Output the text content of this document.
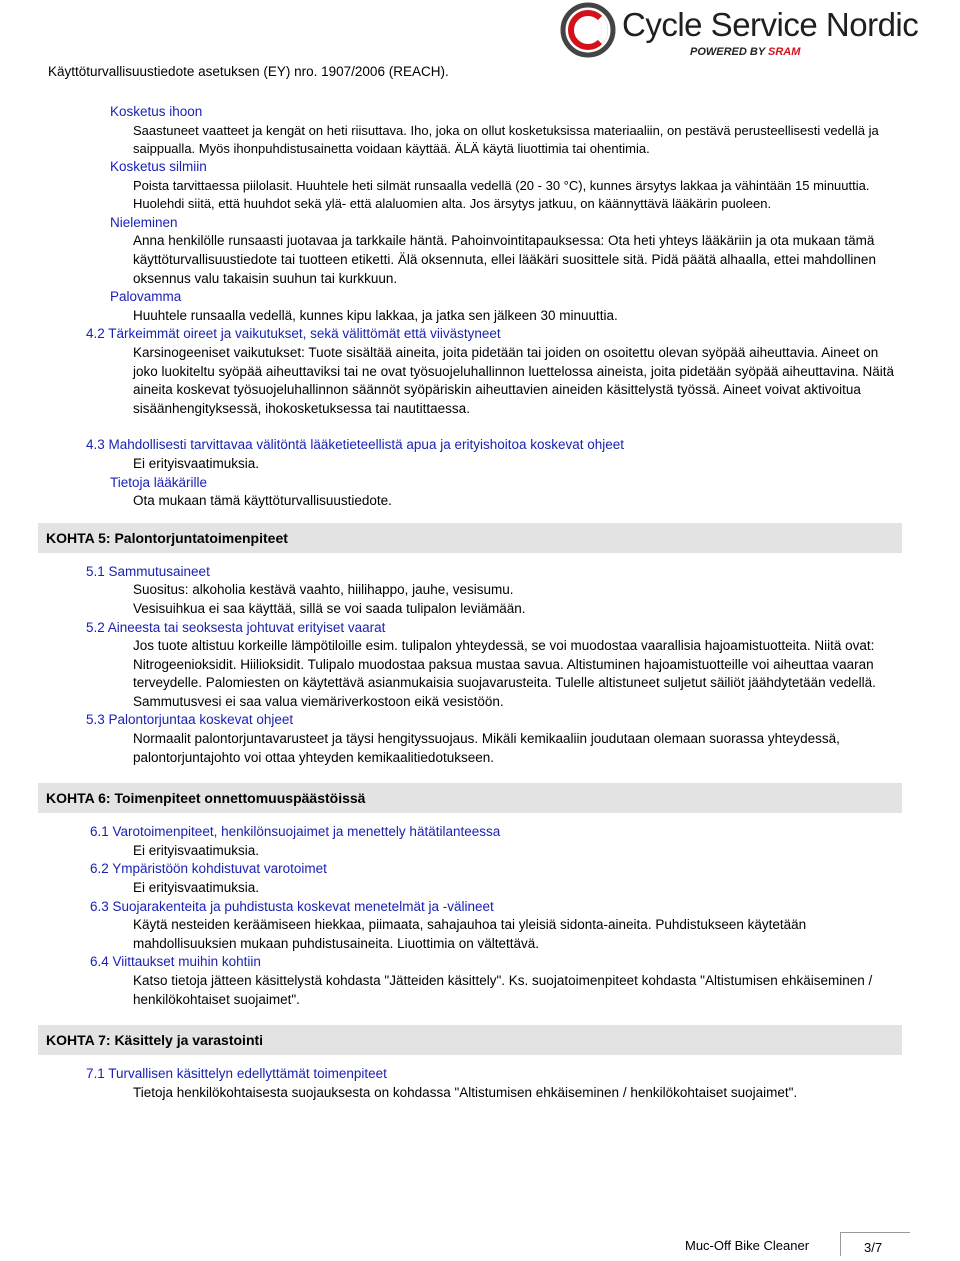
Käyttöturvallisuustiedote asetuksen (EY) nro. 1907/2006 (REACH).
Cycle Service Nordic
POWERED BY SRAM
Kosketus ihoon
Saastuneet vaatteet ja kengät on heti riisuttava. Iho, joka on ollut kosketuksissa materiaaliin, on pestävä perusteellisesti vedellä ja saippualla. Myös ihonpuhdistusainetta voidaan käyttää. ÄLÄ käytä liuottimia tai ohentimia.
Kosketus silmiin
Poista tarvittaessa piilolasit. Huuhtele heti silmät runsaalla vedellä (20 - 30 °C), kunnes ärsytys lakkaa ja vähintään 15 minuuttia. Huolehdi siitä, että huuhdot sekä ylä- että alaluomien alta. Jos ärsytys jatkuu, on käännyttävä lääkärin puoleen.
Nieleminen
Anna henkilölle runsaasti juotavaa ja tarkkaile häntä. Pahoinvointitapauksessa: Ota heti yhteys lääkäriin ja ota mukaan tämä käyttöturvallisuustiedote tai tuotteen etiketti. Älä oksennuta, ellei lääkäri suosittele sitä. Pidä päätä alhaalla, ettei mahdollinen oksennus valu takaisin suuhun tai kurkkuun.
Palovamma
Huuhtele runsaalla vedellä, kunnes kipu lakkaa, ja jatka sen jälkeen 30 minuuttia.
4.2 Tärkeimmät oireet ja vaikutukset, sekä välittömät että viivästyneet
Karsinogeeniset vaikutukset: Tuote sisältää aineita, joita pidetään tai joiden on osoitettu olevan syöpää aiheuttavia. Aineet on joko luokiteltu syöpää aiheuttaviksi tai ne ovat työsuojeluhallinnon luettelossa aineista, joita pidetään syöpää aiheuttavina. Näitä aineita koskevat työsuojeluhallinnon säännöt syöpäriskin aiheuttavien aineiden käsittelystä työssä. Aineet voivat aktivoitua sisäänhengityksessä, ihokosketuksessa tai nautittaessa.
4.3 Mahdollisesti tarvittavaa välitöntä lääketieteellistä apua ja erityishoitoa koskevat ohjeet
Ei erityisvaatimuksia.
Tietoja lääkärille
Ota mukaan tämä käyttöturvallisuustiedote.
KOHTA 5: Palontorjuntatoimenpiteet
5.1 Sammutusaineet
Suositus: alkoholia kestävä vaahto, hiilihappo, jauhe, vesisumu.
Vesisuihkua ei saa käyttää, sillä se voi saada tulipalon leviämään.
5.2 Aineesta tai seoksesta johtuvat erityiset vaarat
Jos tuote altistuu korkeille lämpötiloille esim. tulipalon yhteydessä, se voi muodostaa vaarallisia hajoamistuotteita. Niitä ovat: Nitrogeenioksidit. Hiilioksidit. Tulipalo muodostaa paksua mustaa savua. Altistuminen hajoamistuotteille voi aiheuttaa vaaran terveydelle. Palomiesten on käytettävä asianmukaisia suojavarusteita. Tulelle altistuneet suljetut säiliöt jäähdytetään vedellä. Sammutusvesi ei saa valua viemäriverkostoon eikä vesistöön.
5.3 Palontorjuntaa koskevat ohjeet
Normaalit palontorjuntavarusteet ja täysi hengityssuojaus. Mikäli kemikaaliin joudutaan olemaan suorassa yhteydessä, palontorjuntajohto voi ottaa yhteyden kemikaalitiedotukseen.
KOHTA 6: Toimenpiteet onnettomuuspäästöissä
6.1 Varotoimenpiteet, henkilönsuojaimet ja menettely hätätilanteessa
Ei erityisvaatimuksia.
6.2 Ympäristöön kohdistuvat varotoimet
Ei erityisvaatimuksia.
6.3 Suojarakenteita ja puhdistusta koskevat menetelmät ja -välineet
Käytä nesteiden keräämiseen hiekkaa, piimaata, sahajauhoa tai yleisiä sidonta-aineita. Puhdistukseen käytetään mahdollisuuksien mukaan puhdistusaineita. Liuottimia on vältettävä.
6.4 Viittaukset muihin kohtiin
Katso tietoja jätteen käsittelystä kohdasta "Jätteiden käsittely". Ks. suojatoimenpiteet kohdasta "Altistumisen ehkäiseminen / henkilökohtaiset suojaimet".
KOHTA 7: Käsittely ja varastointi
7.1 Turvallisen käsittelyn edellyttämät toimenpiteet
Tietoja henkilökohtaisesta suojauksesta on kohdassa "Altistumisen ehkäiseminen / henkilökohtaiset suojaimet".
Muc-Off Bike Cleaner	3/7
